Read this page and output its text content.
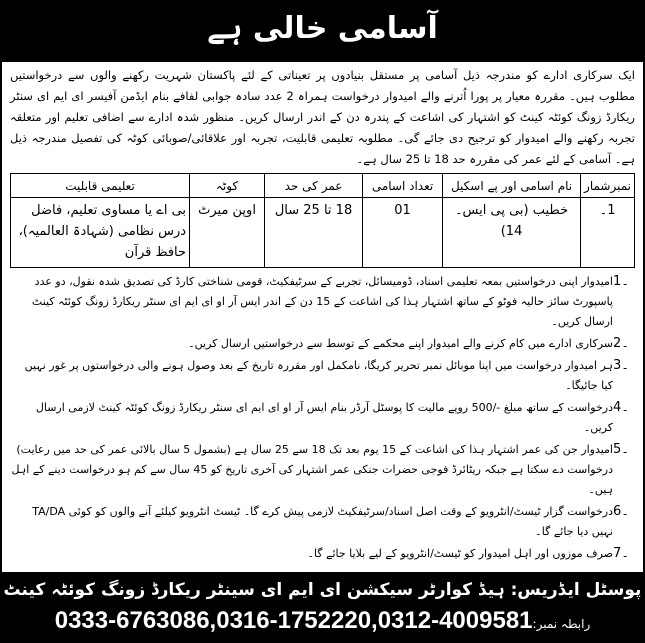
آسامی خالی ہے

ایک سرکاری ادارے کو مندرجہ ذیل آسامی پر مستقل بنیادوں پر تعیناتی کے لئے پاکستان شہریت رکھنے والوں سے درخواستیں مطلوب ہیں۔ مقررہ معیار پر پورا اُترنے والے امیدوار درخواست ہمراہ 2 عدد سادہ جوابی لفافے بنام ایڈمن آفیسر ای ایم ای سنٹر ریکارڈ زونگ کوئٹہ کینٹ کو اشتہار کی اشاعت کے پندرہ دن کے اندر ارسال کریں۔ منظور شدہ ادارے سے اضافی تعلیم اور متعلقہ تجربہ رکھنے والے امیدوار کو ترجیح دی جائے گی۔ مطلوبہ تعلیمی قابلیت، تجربہ اور علاقائی/صوبائی کوٹہ کی تفصیل مندرجہ ذیل ہے۔ آسامی کے لئے عمر کی مقررہ حد 18 تا 25 سال ہے۔

نمبرشمار	نام اسامی اور پے اسکیل	تعداد اسامی	عمر کی حد	کوٹہ	تعلیمی قابلیت
1۔	خطیب (بی پی ایس۔14)	01	18 تا 25 سال	اوپن میرٹ	بی اے یا مساوی تعلیم، فاضل درس نظامی (شہادۃ العالمیہ)، حافظ قرآن
1۔
امیدوار اپنی درخواستیں بمعہ تعلیمی اسناد، ڈومیسائل، تجربے کے سرٹیفکیٹ، قومی شناختی کارڈ کی تصدیق شدہ نقول، دو عدد پاسپورٹ سائز حالیہ فوٹو کے ساتھ اشتہار ہذا کی اشاعت کے 15 دن کے اندر ایس آر او ای ایم ای سنٹر ریکارڈ زونگ کوئٹہ کینٹ ارسال کریں۔
2۔
سرکاری ادارے میں کام کرنے والے امیدوار اپنے محکمے کے توسط سے درخواستیں ارسال کریں۔
3۔
ہر امیدوار درخواست میں اپنا موبائل نمبر تحریر کریگا، نامکمل اور مقررہ تاریخ کے بعد وصول ہونے والی درخواستوں پر غور نہیں کیا جائیگا۔
4۔
درخواست کے ساتھ مبلغ -/500 روپے مالیت کا پوسٹل آرڈر بنام ایس آر او ای ایم ای سنٹر ریکارڈ زونگ کوئٹہ کینٹ لازمی ارسال کریں۔
5۔
امیدوار جن کی عمر اشتہار ہذا کی اشاعت کے 15 یوم بعد تک 18 سے 25 سال ہے (بشمول 5 سال بالائی عمر کی حد میں رعایت) درخواست دے سکتا ہے جبکہ ریٹائرڈ فوجی حضرات جنکی عمر اشتہار کی آخری تاریخ کو 45 سال سے کم ہو درخواست دینے کے اہل ہیں۔
6۔
درخواست گزار ٹیسٹ/انٹرویو کے وقت اصل اسناد/سرٹیفکیٹ لازمی پیش کرے گا۔ ٹیسٹ انٹرویو کیلئے آنے والوں کو کوئی TA/DA نہیں دیا جائے گا۔
7۔
صرف موزوں اور اہل امیدوار کو ٹیسٹ/انٹرویو کے لیے بلایا جائے گا۔
پوسٹل ایڈریس: ہیڈ کوارٹر سیکشن ای ایم ای سینٹر ریکارڈ زونگ کوئٹہ کینٹ
رابطہ نمبر:0333-6763086,0316-1752220,0312-4009581
